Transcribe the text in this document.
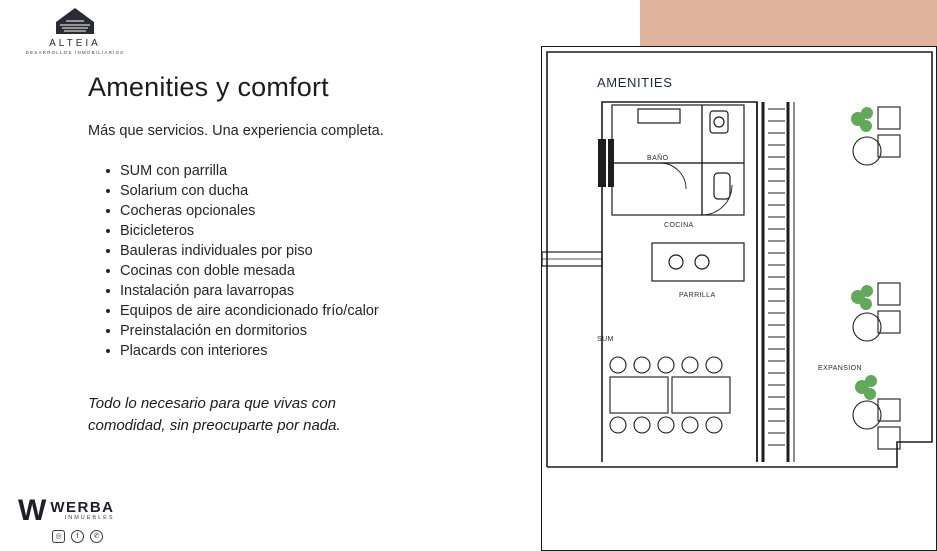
ALTEIA
DESARROLLOS INMOBILIARIOS
Amenities y comfort

Más que servicios. Una experiencia completa.

SUM con parrilla
Solarium con ducha
Cocheras opcionales
Bicicleteros
Bauleras individuales por piso
Cocinas con doble mesada
Instalación para lavarropas
Equipos de aire acondicionado frío/calor
Preinstalación en dormitorios
Placards con interiores
Todo lo necesario para que vivas con
comodidad, sin preocuparte por nada.
W WERBA
INMUEBLES
◎	f	✆
AMENITIES
BAÑO
COCINA
PARRILLA
SUM
EXPANSION
